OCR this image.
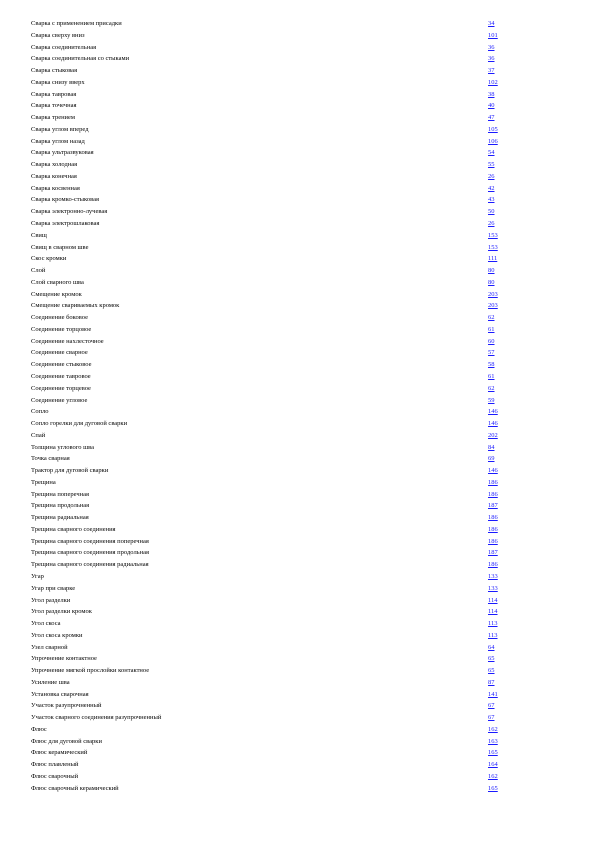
Сварка с применением присадки	34
Сварка сверху вниз	101
Сварка соединительная	36
Сварка соединительная со стыками	36
Сварка стыковая	37
Сварка снизу вверх	102
Сварка тавровая	38
Сварка точечная	40
Сварка трением	47
Сварка углом вперед	105
Сварка углом назад	106
Сварка ультразвуковая	54
Сварка холодная	55
Сварка конечная	26
Сварка косвенная	42
Сварка кромко-стыковая	43
Сварка электронно-лучевая	50
Сварка электрошлаковая	26
Свищ	153
Свищ в сварном шве	153
Скос кромки	111
Слой	80
Слой сварного шва	80
Смещение кромок	203
Смещение свариваемых кромок	203
Соединение боковое	62
Соединение торцовое	61
Соединение нахлесточное	60
Соединение сварное	57
Соединение стыковое	58
Соединение тавровое	61
Соединение торцевое	62
Соединение угловое	59
Сопло	146
Сопло горелки для дуговой сварки	146
Спай	202
Толщина углового шва	84
Точка сварная	69
Трактор для дуговой сварки	146
Трещина	186
Трещина поперечная	186
Трещина продольная	187
Трещина радиальная	186
Трещина сварного соединения	186
Трещина сварного соединения поперечная	186
Трещина сварного соединения продольная	187
Трещина сварного соединения радиальная	186
Угар	133
Угар при сварке	133
Угол разделки	114
Угол разделки кромок	114
Угол скоса	113
Угол скоса кромки	113
Узел сварной	64
Упрочнение контактное	65
Упрочнение мягкой прослойки контактное	65
Усиление шва	87
Установка сварочная	141
Участок разупрочненный	67
Участок сварного соединения разупрочненный	67
Флюс	162
Флюс для дуговой сварки	163
Флюс керамический	165
Флюс плавленый	164
Флюс сварочный	162
Флюс сварочный керамический	165
